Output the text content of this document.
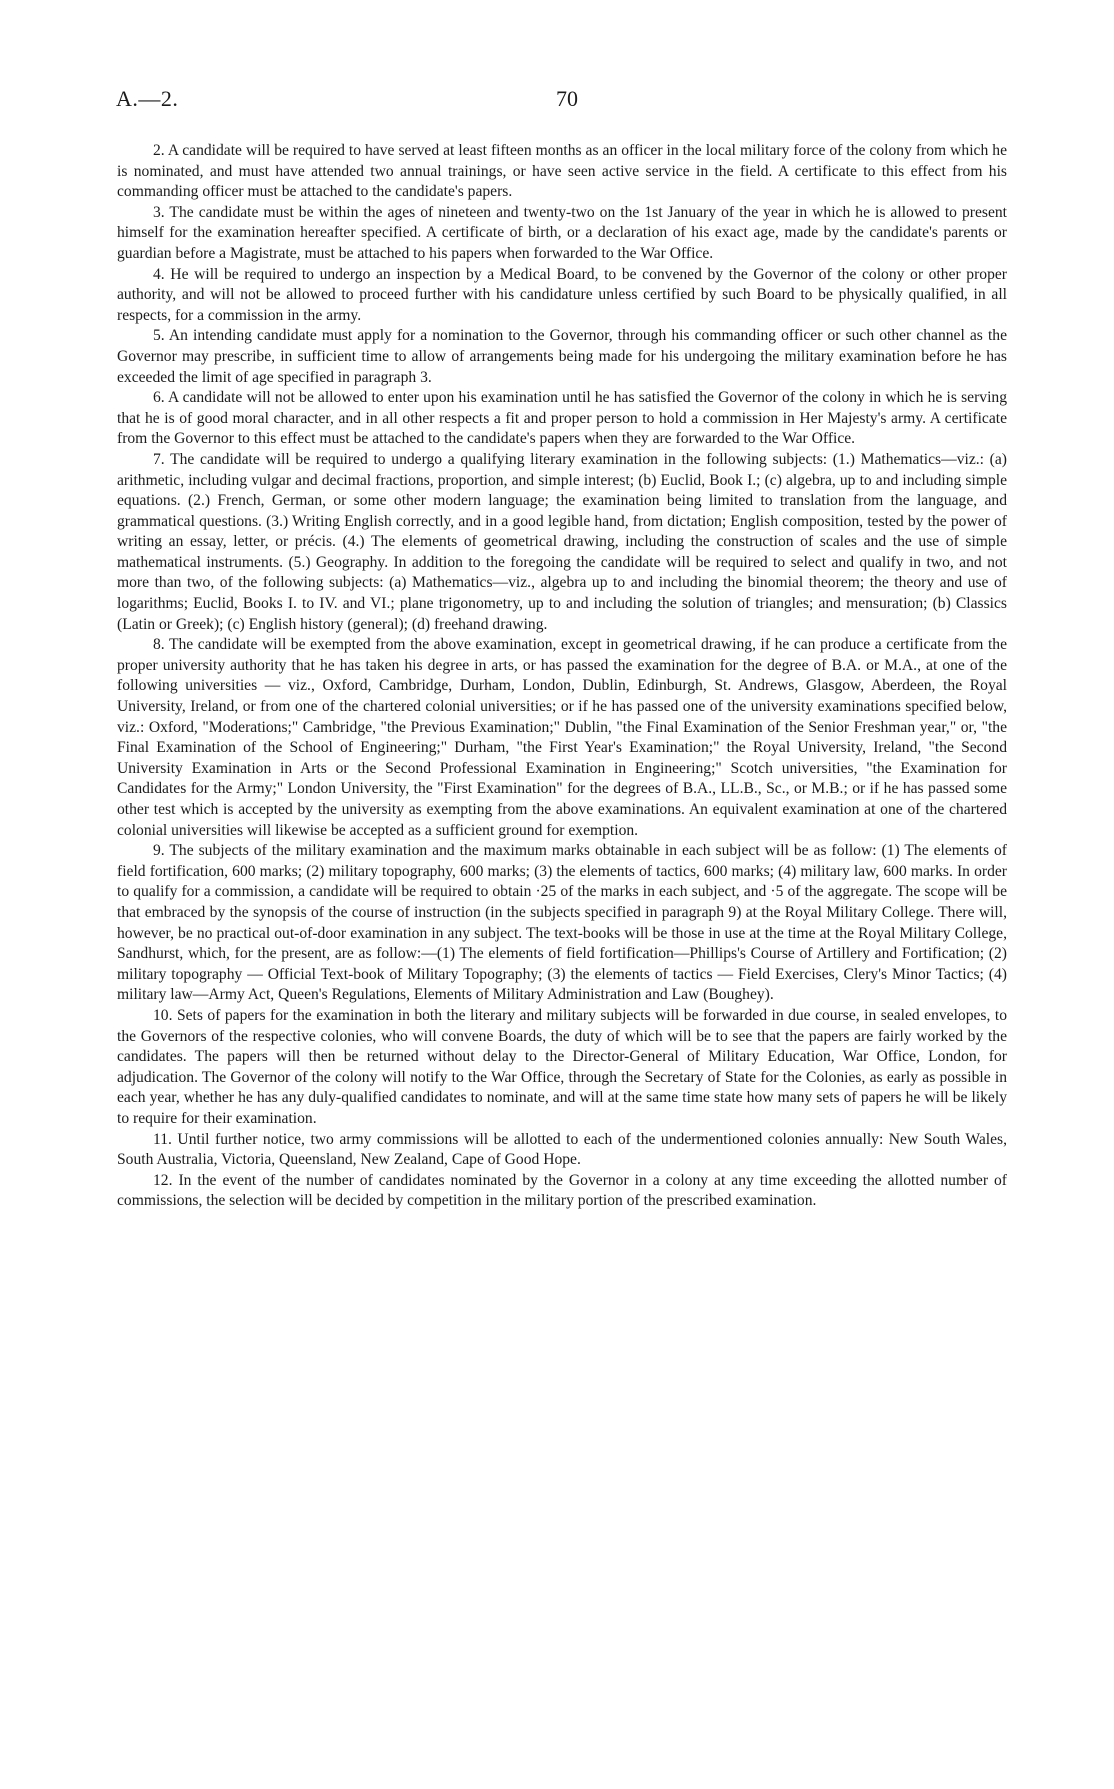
A.—2.	70

2. A candidate will be required to have served at least fifteen months as an officer in the local military force of the colony from which he is nominated, and must have attended two annual trainings, or have seen active service in the field. A certificate to this effect from his commanding officer must be attached to the candidate's papers.

3. The candidate must be within the ages of nineteen and twenty-two on the 1st January of the year in which he is allowed to present himself for the examination hereafter specified. A certificate of birth, or a declaration of his exact age, made by the candidate's parents or guardian before a Magistrate, must be attached to his papers when forwarded to the War Office.

4. He will be required to undergo an inspection by a Medical Board, to be convened by the Governor of the colony or other proper authority, and will not be allowed to proceed further with his candidature unless certified by such Board to be physically qualified, in all respects, for a commission in the army.

5. An intending candidate must apply for a nomination to the Governor, through his commanding officer or such other channel as the Governor may prescribe, in sufficient time to allow of arrangements being made for his undergoing the military examination before he has exceeded the limit of age specified in paragraph 3.

6. A candidate will not be allowed to enter upon his examination until he has satisfied the Governor of the colony in which he is serving that he is of good moral character, and in all other respects a fit and proper person to hold a commission in Her Majesty's army. A certificate from the Governor to this effect must be attached to the candidate's papers when they are forwarded to the War Office.

7. The candidate will be required to undergo a qualifying literary examination in the following subjects: (1.) Mathematics—viz.: (a) arithmetic, including vulgar and decimal fractions, proportion, and simple interest; (b) Euclid, Book I.; (c) algebra, up to and including simple equations. (2.) French, German, or some other modern language; the examination being limited to translation from the language, and grammatical questions. (3.) Writing English correctly, and in a good legible hand, from dictation; English composition, tested by the power of writing an essay, letter, or précis. (4.) The elements of geometrical drawing, including the construction of scales and the use of simple mathematical instruments. (5.) Geography. In addition to the foregoing the candidate will be required to select and qualify in two, and not more than two, of the following subjects: (a) Mathematics—viz., algebra up to and including the binomial theorem; the theory and use of logarithms; Euclid, Books I. to IV. and VI.; plane trigonometry, up to and including the solution of triangles; and mensuration; (b) Classics (Latin or Greek); (c) English history (general); (d) freehand drawing.

8. The candidate will be exempted from the above examination, except in geometrical drawing, if he can produce a certificate from the proper university authority that he has taken his degree in arts, or has passed the examination for the degree of B.A. or M.A., at one of the following universities — viz., Oxford, Cambridge, Durham, London, Dublin, Edinburgh, St. Andrews, Glasgow, Aberdeen, the Royal University, Ireland, or from one of the chartered colonial universities; or if he has passed one of the university examinations specified below, viz.: Oxford, "Moderations;" Cambridge, "the Previous Examination;" Dublin, "the Final Examination of the Senior Freshman year," or, "the Final Examination of the School of Engineering;" Durham, "the First Year's Examination;" the Royal University, Ireland, "the Second University Examination in Arts or the Second Professional Examination in Engineering;" Scotch universities, "the Examination for Candidates for the Army;" London University, the "First Examination" for the degrees of B.A., LL.B., Sc., or M.B.; or if he has passed some other test which is accepted by the university as exempting from the above examinations. An equivalent examination at one of the chartered colonial universities will likewise be accepted as a sufficient ground for exemption.

9. The subjects of the military examination and the maximum marks obtainable in each subject will be as follow: (1) The elements of field fortification, 600 marks; (2) military topography, 600 marks; (3) the elements of tactics, 600 marks; (4) military law, 600 marks. In order to qualify for a commission, a candidate will be required to obtain ·25 of the marks in each subject, and ·5 of the aggregate. The scope will be that embraced by the synopsis of the course of instruction (in the subjects specified in paragraph 9) at the Royal Military College. There will, however, be no practical out-of-door examination in any subject. The text-books will be those in use at the time at the Royal Military College, Sandhurst, which, for the present, are as follow:—(1) The elements of field fortification—Phillips's Course of Artillery and Fortification; (2) military topography — Official Text-book of Military Topography; (3) the elements of tactics — Field Exercises, Clery's Minor Tactics; (4) military law—Army Act, Queen's Regulations, Elements of Military Administration and Law (Boughey).

10. Sets of papers for the examination in both the literary and military subjects will be forwarded in due course, in sealed envelopes, to the Governors of the respective colonies, who will convene Boards, the duty of which will be to see that the papers are fairly worked by the candidates. The papers will then be returned without delay to the Director-General of Military Education, War Office, London, for adjudication. The Governor of the colony will notify to the War Office, through the Secretary of State for the Colonies, as early as possible in each year, whether he has any duly-qualified candidates to nominate, and will at the same time state how many sets of papers he will be likely to require for their examination.

11. Until further notice, two army commissions will be allotted to each of the undermentioned colonies annually: New South Wales, South Australia, Victoria, Queensland, New Zealand, Cape of Good Hope.

12. In the event of the number of candidates nominated by the Governor in a colony at any time exceeding the allotted number of commissions, the selection will be decided by competition in the military portion of the prescribed examination.
